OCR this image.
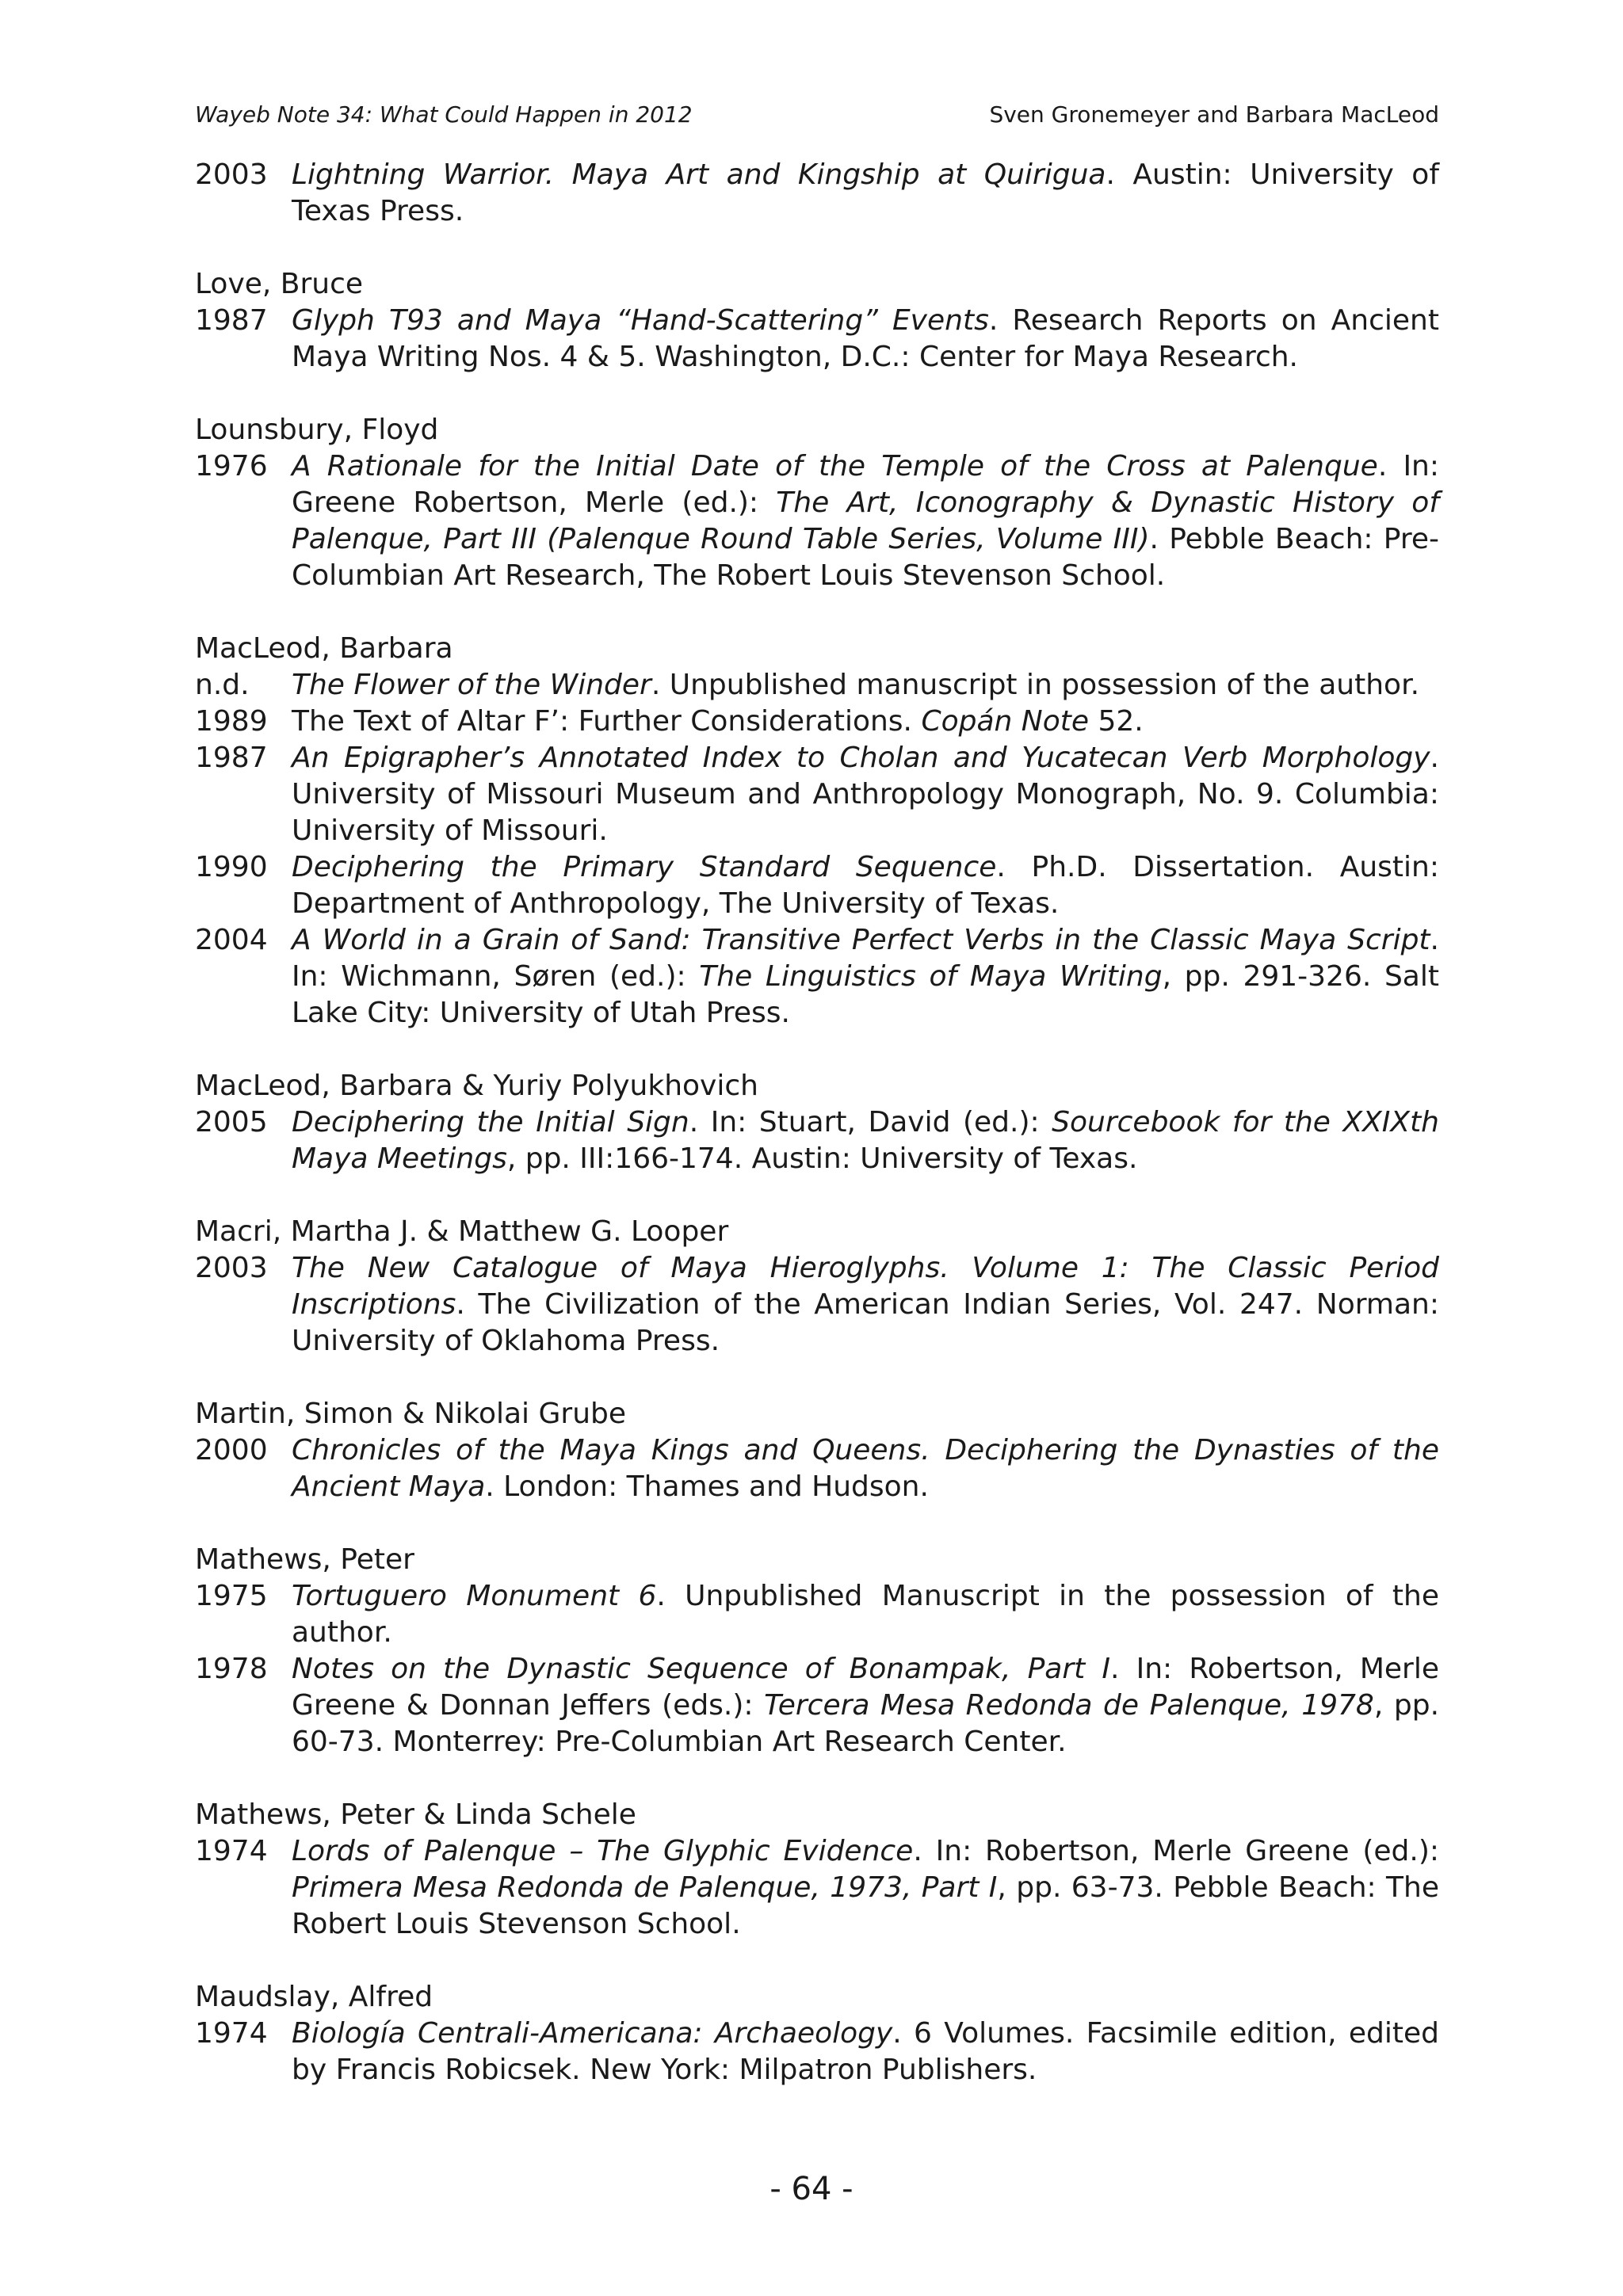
Wayeb Note 34: What Could Happen in 2012	Sven Gronemeyer and Barbara MacLeod
2003 Lightning Warrior. Maya Art and Kingship at Quirigua. Austin: University of Texas Press.
Love, Bruce
1987 Glyph T93 and Maya “Hand-Scattering” Events. Research Reports on Ancient Maya Writing Nos. 4 & 5. Washington, D.C.: Center for Maya Research.
Lounsbury, Floyd
1976 A Rationale for the Initial Date of the Temple of the Cross at Palenque. In: Greene Robertson, Merle (ed.): The Art, Iconography & Dynastic History of Palenque, Part III (Palenque Round Table Series, Volume III). Pebble Beach: Pre-Columbian Art Research, The Robert Louis Stevenson School.
MacLeod, Barbara
n.d. The Flower of the Winder. Unpublished manuscript in possession of the author.
1989 The Text of Altar F’: Further Considerations. Copán Note 52.
1987 An Epigrapher’s Annotated Index to Cholan and Yucatecan Verb Morphology. University of Missouri Museum and Anthropology Monograph, No. 9. Columbia: University of Missouri.
1990 Deciphering the Primary Standard Sequence. Ph.D. Dissertation. Austin: Department of Anthropology, The University of Texas.
2004 A World in a Grain of Sand: Transitive Perfect Verbs in the Classic Maya Script. In: Wichmann, Søren (ed.): The Linguistics of Maya Writing, pp. 291-326. Salt Lake City: University of Utah Press.
MacLeod, Barbara & Yuriy Polyukhovich
2005 Deciphering the Initial Sign. In: Stuart, David (ed.): Sourcebook for the XXIXth Maya Meetings, pp. III:166-174. Austin: University of Texas.
Macri, Martha J. & Matthew G. Looper
2003 The New Catalogue of Maya Hieroglyphs. Volume 1: The Classic Period Inscriptions. The Civilization of the American Indian Series, Vol. 247. Norman: University of Oklahoma Press.
Martin, Simon & Nikolai Grube
2000 Chronicles of the Maya Kings and Queens. Deciphering the Dynasties of the Ancient Maya. London: Thames and Hudson.
Mathews, Peter
1975 Tortuguero Monument 6. Unpublished Manuscript in the possession of the author.
1978 Notes on the Dynastic Sequence of Bonampak, Part I. In: Robertson, Merle Greene & Donnan Jeffers (eds.): Tercera Mesa Redonda de Palenque, 1978, pp. 60-73. Monterrey: Pre-Columbian Art Research Center.
Mathews, Peter & Linda Schele
1974 Lords of Palenque – The Glyphic Evidence. In: Robertson, Merle Greene (ed.): Primera Mesa Redonda de Palenque, 1973, Part I, pp. 63-73. Pebble Beach: The Robert Louis Stevenson School.
Maudslay, Alfred
1974 Biología Centrali-Americana: Archaeology. 6 Volumes. Facsimile edition, edited by Francis Robicsek. New York: Milpatron Publishers.
- 64 -
